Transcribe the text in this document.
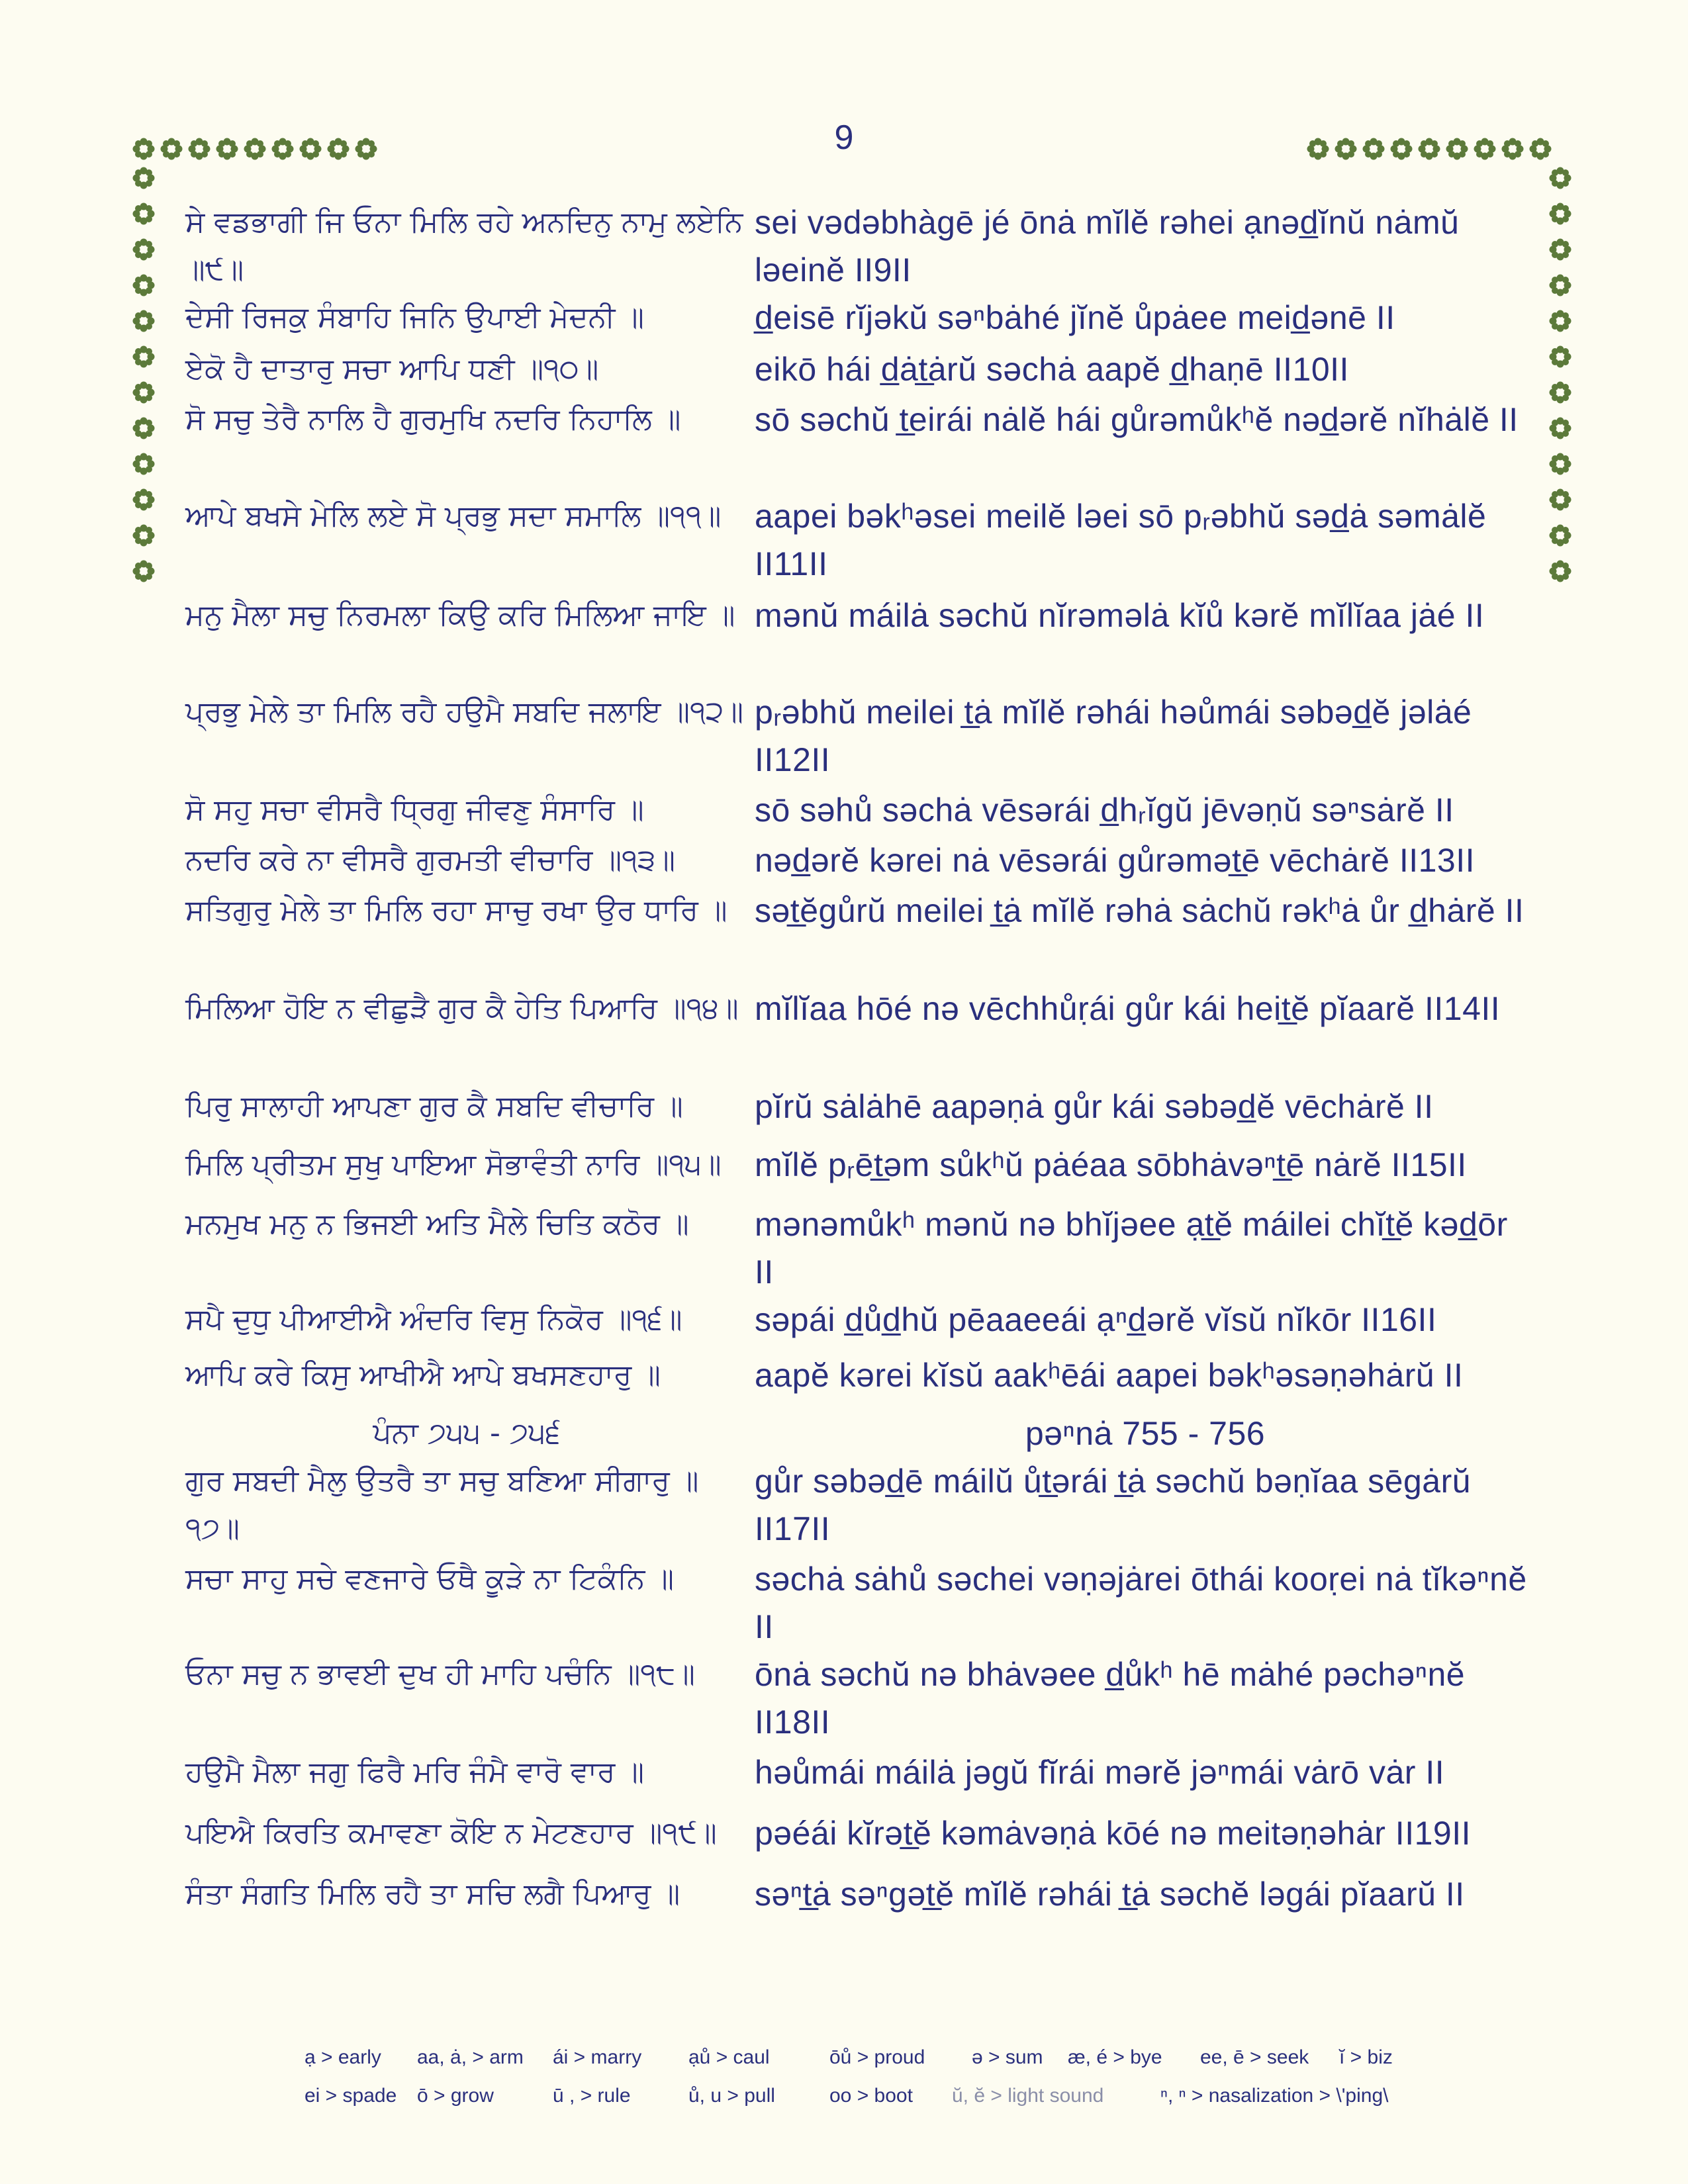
9
ਸੇ ਵਡਭਾਗੀ ਜਿ ਓਨਾ ਮਿਲਿ ਰਹੇ ਅਨਦਿਨੁ ਨਾਮੁ ਲਏਨਿ ॥੯॥
sei vədəbhàgē jé ōnȧ mĭlĕ rəhei ạnəd̲ĭnŭ nȧmŭ ləeinĕ II9II
ਦੇਸੀ ਰਿਜਕੁ ਸੰਬਾਹਿ ਜਿਨਿ ਉਪਾਈ ਮੇਦਨੀ ॥	d̲eisē rĭjəkŭ səⁿbȧhé jĭnĕ ůpȧee meid̲ənē II
ਏਕੋ ਹੈ ਦਾਤਾਰੁ ਸਚਾ ਆਪਿ ਧਣੀ ॥੧੦॥	eikō hái d̲ȧt̲ȧrŭ səchȧ aapĕ d̲haṇē II10II
ਸੋ ਸਚੁ ਤੇਰੈ ਨਾਲਿ ਹੈ ਗੁਰਮੁਖਿ ਨਦਰਿ ਨਿਹਾਲਿ ॥	sō səchŭ t̲eirái nȧlĕ hái gůrəmůkʰĕ nəd̲ərĕ nĭhȧlĕ II
ਆਪੇ ਬਖਸੇ ਮੇਲਿ ਲਏ ਸੋ ਪ੍ਰਭੁ ਸਦਾ ਸਮਾਲਿ ॥੧੧॥	aapei bəkʰəsei meilĕ ləei sō pᵣəbhŭ səd̲ȧ səmȧlĕ II11II
ਮਨੁ ਮੈਲਾ ਸਚੁ ਨਿਰਮਲਾ ਕਿਉ ਕਰਿ ਮਿਲਿਆ ਜਾਇ ॥ mənŭ máilȧ səchŭ nĭrəməlȧ kĭů kərĕ mĭlĭaa jȧé II
ਪ੍ਰਭੁ ਮੇਲੇ ਤਾ ਮਿਲਿ ਰਹੈ ਹਉਮੈ ਸਬਦਿ ਜਲਾਇ ॥੧੨॥ pᵣəbhŭ meilei t̲ȧ mĭlĕ rəhái həůmái səbəd̲ĕ jəlȧé II12II
ਸੋ ਸਹੁ ਸਚਾ ਵੀਸਰੈ ਧ੍ਰਿਗੁ ਜੀਵਣੁ ਸੰਸਾਰਿ ॥	sō səhů səchȧ vēsərái d̲hᵣĭgŭ jēvəṇŭ səⁿsȧrĕ II
ਨਦਰਿ ਕਰੇ ਨਾ ਵੀਸਰੈ ਗੁਰਮਤੀ ਵੀਚਾਰਿ ॥੧੩॥	nəd̲ərĕ kərei nȧ vēsərái gůrəmət̲ē vēchȧrĕ II13II
ਸਤਿਗੁਰੁ ਮੇਲੇ ਤਾ ਮਿਲਿ ਰਹਾ ਸਾਚੁ ਰਖਾ ਉਰ ਧਾਰਿ ॥ sət̲ĕgůrŭ meilei t̲ȧ mĭlĕ rəhȧ sȧchŭ rəkʰȧ ůr d̲hȧrĕ II
ਮਿਲਿਆ ਹੋਇ ਨ ਵੀਛੁੜੈ ਗੁਰ ਕੈ ਹੇਤਿ ਪਿਆਰਿ ॥੧੪॥ mĭlĭaa hōé nə vēchhůṛái gůr kái heit̲ĕ pĭaarĕ II14II
ਪਿਰੁ ਸਾਲਾਹੀ ਆਪਣਾ ਗੁਰ ਕੈ ਸਬਦਿ ਵੀਚਾਰਿ ॥	pĭrŭ sȧlȧhē aapəṇȧ gůr kái səbəd̲ĕ vēchȧrĕ II
ਮਿਲਿ ਪ੍ਰੀਤਮ ਸੁਖੁ ਪਾਇਆ ਸੋਭਾਵੰਤੀ ਨਾਰਿ ॥੧੫॥	mĭlĕ pᵣēt̲əm sůkʰŭ pȧéaa sōbhȧvəⁿt̲ē nȧrĕ II15II
ਮਨਮੁਖ ਮਨੁ ਨ ਭਿਜਈ ਅਤਿ ਮੈਲੇ ਚਿਤਿ ਕਠੋਰ ॥	mənəmůkʰ mənŭ nə bhĭjəee ạt̲ĕ máilei chĭt̲ĕ kəd̲ōr II
ਸਪੈ ਦੁਧੁ ਪੀਆਈਐ ਅੰਦਰਿ ਵਿਸੁ ਨਿਕੋਰ ॥੧੬॥	səpái d̲ůd̲hŭ pēaaeeái ạⁿd̲ərĕ vĭsŭ nĭkōr II16II
ਆਪਿ ਕਰੇ ਕਿਸੁ ਆਖੀਐ ਆਪੇ ਬਖਸਣਹਾਰੁ ॥	aapĕ kərei kĭsŭ aakʰēái aapei bəkʰəsəṇəhȧrŭ II
ਪੰਨਾ ੭੫੫ - ੭੫੬	pəⁿnȧ 755 - 756
ਗੁਰ ਸਬਦੀ ਮੈਲੁ ਉਤਰੈ ਤਾ ਸਚੁ ਬਣਿਆ ਸੀਗਾਰੁ ॥੧੭॥
gůr səbəd̲ē máilŭ ůt̲ərái t̲ȧ səchŭ bəṇĭaa sēgȧrŭ II17II
ਸਚਾ ਸਾਹੁ ਸਚੇ ਵਣਜਾਰੇ ਓਥੈ ਕੂੜੇ ਨਾ ਟਿਕੰਨਿ ॥	səchȧ sȧhů səchei vəṇəjȧrei ōthái kooṛei nȧ tĭkəⁿnĕ II
ਓਨਾ ਸਚੁ ਨ ਭਾਵਈ ਦੁਖ ਹੀ ਮਾਹਿ ਪਚੰਨਿ ॥੧੮॥	ōnȧ səchŭ nə bhȧvəee d̲ůkʰ hē mȧhé pəchəⁿnĕ II18II
ਹਉਮੈ ਮੈਲਾ ਜਗੁ ਫਿਰੈ ਮਰਿ ਜੰਮੈ ਵਾਰੋ ਵਾਰ ॥	həůmái máilȧ jəgŭ fĭrái mərĕ jəⁿmái vȧrō vȧr II
ਪਇਐ ਕਿਰਤਿ ਕਮਾਵਣਾ ਕੋਇ ਨ ਮੇਟਣਹਾਰ ॥੧੯॥	pəéái kĭrət̲ĕ kəmȧvəṇȧ kōé nə meitəṇəhȧr II19II
ਸੰਤਾ ਸੰਗਤਿ ਮਿਲਿ ਰਹੈ ਤਾ ਸਚਿ ਲਗੈ ਪਿਆਰੁ ॥	səⁿt̲ȧ səⁿgət̲ĕ mĭlĕ rəhái t̲ȧ səchĕ ləgái pĭaarŭ II
ạ > early	aa, ȧ, > arm	ái > marry	ạů > caul	ōů > proud	ə > sum	æ, é > bye	ee, ē > seek	ĭ > biz
ei > spade	ō > grow	ū , > rule	ů, u > pull	oo > boot	ŭ, ĕ > light sound	ⁿ, ⁿ > nasalization > \'ping\
